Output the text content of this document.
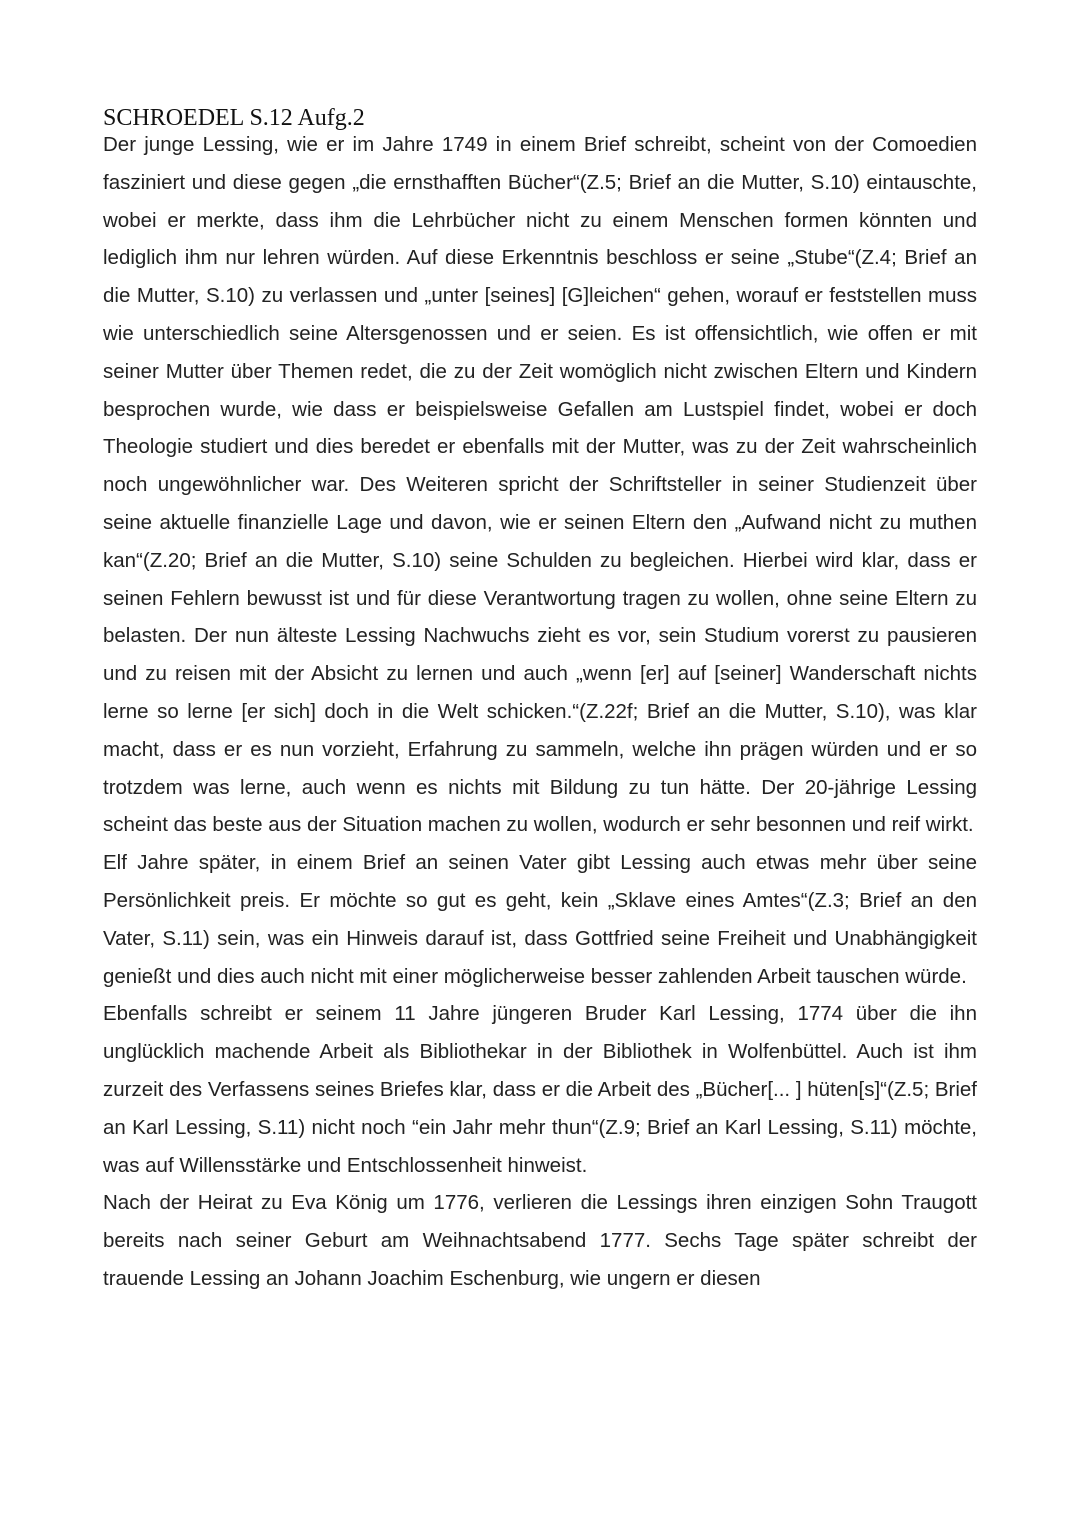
SCHROEDEL S.12 Aufg.2

Der junge Lessing, wie er im Jahre 1749 in einem Brief schreibt, scheint von der Comoedien fasziniert und diese gegen „die ernsthafften Bücher“(Z.5; Brief an die Mutter, S.10) eintauschte, wobei er merkte, dass ihm die Lehrbücher nicht zu einem Menschen formen könnten und lediglich ihm nur lehren würden. Auf diese Erkenntnis beschloss er seine „Stube“(Z.4; Brief an die Mutter, S.10) zu verlassen und „unter [seines] [G]leichen“ gehen, worauf er feststellen muss wie unterschiedlich seine Altersgenossen und er seien. Es ist offensichtlich, wie offen er mit seiner Mutter über Themen redet, die zu der Zeit womöglich nicht zwischen Eltern und Kindern besprochen wurde, wie dass er beispielsweise Gefallen am Lustspiel findet, wobei er doch Theologie studiert und dies beredet er ebenfalls mit der Mutter, was zu der Zeit wahrscheinlich noch ungewöhnlicher war. Des Weiteren spricht der Schriftsteller in seiner Studienzeit über seine aktuelle finanzielle Lage und davon, wie er seinen Eltern den „Aufwand nicht zu muthen kan“(Z.20; Brief an die Mutter, S.10) seine Schulden zu begleichen. Hierbei wird klar, dass er seinen Fehlern bewusst ist und für diese Verantwortung tragen zu wollen, ohne seine Eltern zu belasten. Der nun älteste Lessing Nachwuchs zieht es vor, sein Studium vorerst zu pausieren und zu reisen mit der Absicht zu lernen und auch „wenn [er] auf [seiner] Wanderschaft nichts lerne so lerne [er sich] doch in die Welt schicken.“(Z.22f; Brief an die Mutter, S.10), was klar macht, dass er es nun vorzieht, Erfahrung zu sammeln, welche ihn prägen würden und er so trotzdem was lerne, auch wenn es nichts mit Bildung zu tun hätte. Der 20-jährige Lessing scheint das beste aus der Situation machen zu wollen, wodurch er sehr besonnen und reif wirkt.

Elf Jahre später, in einem Brief an seinen Vater gibt Lessing auch etwas mehr über seine Persönlichkeit preis. Er möchte so gut es geht, kein „Sklave eines Amtes“(Z.3; Brief an den Vater, S.11) sein, was ein Hinweis darauf ist, dass Gottfried seine Freiheit und Unabhängigkeit genießt und dies auch nicht mit einer möglicherweise besser zahlenden Arbeit tauschen würde.

Ebenfalls schreibt er seinem 11 Jahre jüngeren Bruder Karl Lessing, 1774 über die ihn unglücklich machende Arbeit als Bibliothekar in der Bibliothek in Wolfenbüttel. Auch ist ihm zurzeit des Verfassens seines Briefes klar, dass er die Arbeit des „Bücher[... ] hüten[s]“(Z.5; Brief an Karl Lessing, S.11) nicht noch “ein Jahr mehr thun“(Z.9; Brief an Karl Lessing, S.11) möchte, was auf Willensstärke und Entschlossenheit hinweist.

Nach der Heirat zu Eva König um 1776, verlieren die Lessings ihren einzigen Sohn Traugott bereits nach seiner Geburt am Weihnachtsabend 1777. Sechs Tage später schreibt der trauende Lessing an Johann Joachim Eschenburg, wie ungern er diesen
